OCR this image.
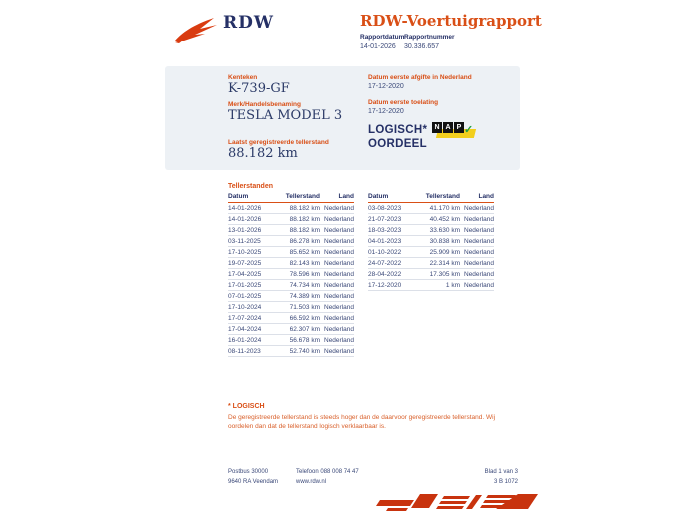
RDW	RDW-Voertuigrapport
Rapportdatum
14-01-2026
Rapportnummer
30.336.657
Kenteken
K-739-GF
Merk/Handelsbenaming
TESLA MODEL 3
Laatst geregistreerde tellerstand
88.182 km
Datum eerste afgifte in Nederland
17-12-2020
Datum eerste toelating
17-12-2020
LOGISCH*
OORDEEL
N A P ✓
Tellerstanden
Datum	Tellerstand	Land
14-01-2026	88.182 km Nederland
14-01-2026	88.182 km Nederland
13-01-2026	88.182 km Nederland
03-11-2025	86.278 km Nederland
17-10-2025	85.652 km Nederland
19-07-2025	82.143 km Nederland
17-04-2025	78.596 km Nederland
17-01-2025	74.734 km Nederland
07-01-2025	74.389 km Nederland
17-10-2024	71.503 km Nederland
17-07-2024	66.592 km Nederland
17-04-2024	62.307 km Nederland
16-01-2024	56.678 km Nederland
08-11-2023	52.740 km Nederland
Datum	Tellerstand	Land
03-08-2023	41.170 km Nederland
21-07-2023	40.452 km Nederland
18-03-2023	33.630 km Nederland
04-01-2023	30.838 km Nederland
01-10-2022	25.909 km Nederland
24-07-2022	22.314 km Nederland
28-04-2022	17.305 km Nederland
17-12-2020	1 km Nederland
* LOGISCH
De geregistreerde tellerstand is steeds hoger dan de daarvoor geregistreerde tellerstand. Wij oordelen dan dat de tellerstand logisch verklaarbaar is.
Postbus 30000
9640 RA Veendam
Telefoon 088 008 74 47
www.rdw.nl
Blad 1 van 3
3 B 1072
